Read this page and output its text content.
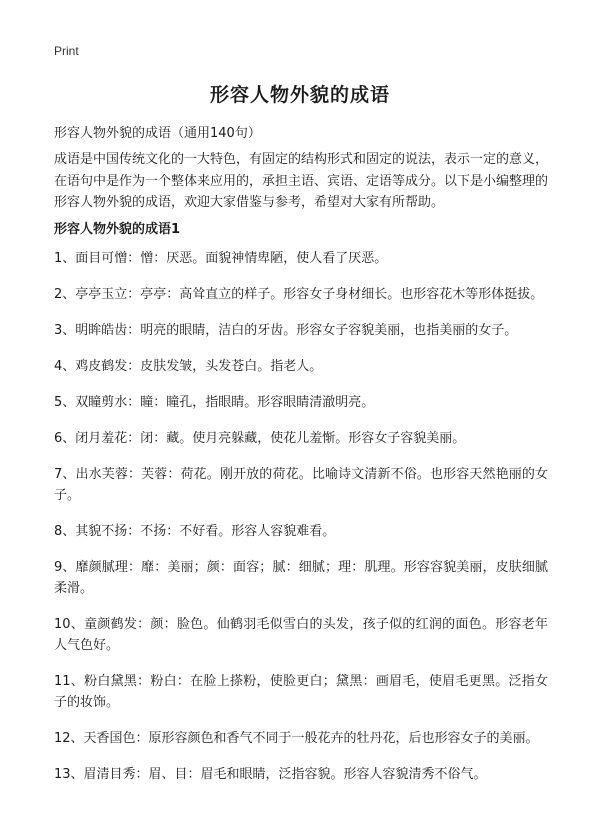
Print
形容人物外貌的成语

形容人物外貌的成语（通用140句）

成语是中国传统文化的一大特色，有固定的结构形式和固定的说法，表示一定的意义，在语句中是作为一个整体来应用的，承担主语、宾语、定语等成分。以下是小编整理的形容人物外貌的成语，欢迎大家借鉴与参考，希望对大家有所帮助。

形容人物外貌的成语1
1、面目可憎：憎：厌恶。面貌神情卑陋，使人看了厌恶。
2、亭亭玉立：亭亭：高耸直立的样子。形容女子身材细长。也形容花木等形体挺拔。
3、明眸皓齿：明亮的眼睛，洁白的牙齿。形容女子容貌美丽，也指美丽的女子。
4、鸡皮鹤发：皮肤发皱，头发苍白。指老人。
5、双瞳剪水：瞳：瞳孔，指眼睛。形容眼睛清澈明亮。
6、闭月羞花：闭：藏。使月亮躲藏，使花儿羞惭。形容女子容貌美丽。
7、出水芙蓉：芙蓉：荷花。刚开放的荷花。比喻诗文清新不俗。也形容天然艳丽的女子。
8、其貌不扬：不扬：不好看。形容人容貌难看。
9、靡颜腻理：靡：美丽；颜：面容；腻：细腻；理：肌理。形容容貌美丽，皮肤细腻柔滑。
10、童颜鹤发：颜：脸色。仙鹤羽毛似雪白的头发，孩子似的红润的面色。形容老年人气色好。
11、粉白黛黑：粉白：在脸上搽粉，使脸更白；黛黑：画眉毛，使眉毛更黑。泛指女子的妆饰。
12、天香国色：原形容颜色和香气不同于一般花卉的牡丹花，后也形容女子的美丽。
13、眉清目秀：眉、目：眉毛和眼睛，泛指容貌。形容人容貌清秀不俗气。
